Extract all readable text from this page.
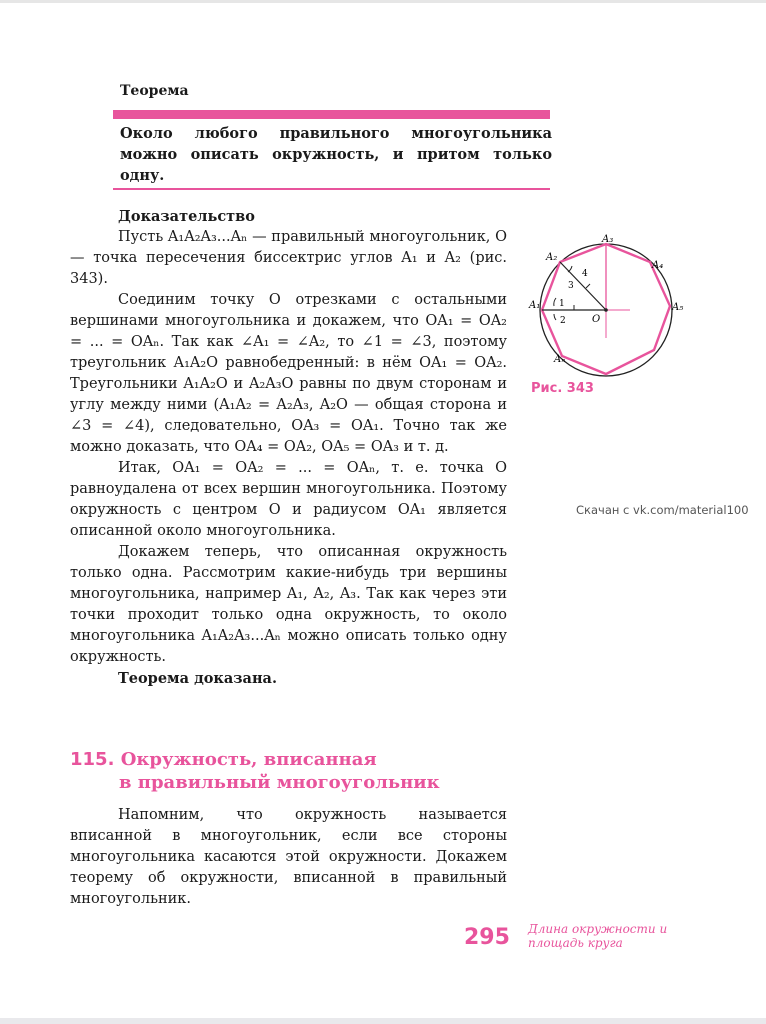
Теорема
Около любого правильного многоугольника можно описать окружность, и притом только одну.

Доказательство

Пусть A₁A₂A₃...Aₙ — правильный многоугольник, O — точка пересечения биссектрис углов A₁ и A₂ (рис. 343).

Соединим точку O отрезками с остальными вершинами многоугольника и докажем, что OA₁ = OA₂ = ... = OAₙ. Так как ∠A₁ = ∠A₂, то ∠1 = ∠3, поэтому треугольник A₁A₂O равнобедренный: в нём OA₁ = OA₂. Треугольники A₁A₂O и A₂A₃O равны по двум сторонам и углу между ними (A₁A₂ = A₂A₃, A₂O — общая сторона и ∠3 = ∠4), следовательно, OA₃ = OA₁. Точно так же можно доказать, что OA₄ = OA₂, OA₅ = OA₃ и т. д.

Итак, OA₁ = OA₂ = ... = OAₙ, т. е. точка O равноудалена от всех вершин многоугольника. Поэтому окружность с центром O и радиусом OA₁ является описанной около многоугольника.

Докажем теперь, что описанная окружность только одна. Рассмотрим какие-нибудь три вершины многоугольника, например A₁, A₂, A₃. Так как через эти точки проходит только одна окружность, то около многоугольника A₁A₂A₃...Aₙ можно описать только одну окружность.

Теорема доказана.

A₃
A₄
A₅
A₂
A₁
Aₙ
O
1
2
3
4
Рис. 343
Скачан с vk.com/material100
115. Окружность, вписанная
в правильный многоугольник

Напомним, что окружность называется вписанной в многоугольник, если все стороны многоугольника касаются этой окружности. Докажем теорему об окружности, вписанной в правильный многоугольник.

295 Длина окружности и площадь круга
